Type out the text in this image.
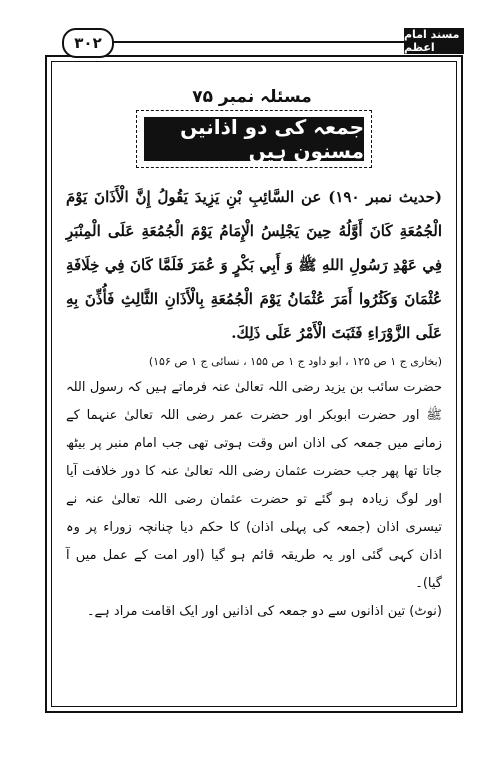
۳۰۲	مسند امام اعظم
مسئلہ نمبر ۷۵
جمعہ کی دو اذانیں مسنون ہیں

(حدیث نمبر ۱۹۰) عن السَّائِبِ بْنِ يَزِيدَ يَقُولُ إِنَّ الْأَذَانَ يَوْمَ الْجُمُعَةِ كَانَ أَوَّلُهُ حِينَ يَجْلِسُ الْإِمَامُ يَوْمَ الْجُمُعَةِ عَلَى الْمِنْبَرِ فِي عَهْدِ رَسُولِ اللهِ ﷺ وَ أَبِي بَكْرٍ وَ عُمَرَ فَلَمَّا كَانَ فِي خِلَافَةِ عُثْمَانَ وَكَثُرُوا أَمَرَ عُثْمَانُ يَوْمَ الْجُمُعَةِ بِالْأَذَانِ الثَّالِثِ فَأُذِّنَ بِهِ عَلَى الزَّوْرَاءِ فَثَبَتَ الْأَمْرُ عَلَى ذَلِكَ.

(بخاری ج ۱ ص ۱۲۵ ، ابو داود ج ۱ ص ۱۵۵ ، نسائی ج ۱ ص ۱۵۶)

حضرت سائب بن یزید رضی اللہ تعالیٰ عنہ فرماتے ہیں کہ رسول اللہ ﷺ اور حضرت ابوبکر اور حضرت عمر رضی اللہ تعالیٰ عنہما کے زمانے میں جمعہ کی اذان اس وقت ہوتی تھی جب امام منبر پر بیٹھ جاتا تھا پھر جب حضرت عثمان رضی اللہ تعالیٰ عنہ کا دور خلافت آیا اور لوگ زیادہ ہو گئے تو حضرت عثمان رضی اللہ تعالیٰ عنہ نے تیسری اذان (جمعہ کی پہلی اذان) کا حکم دیا چنانچہ زوراء پر وہ اذان کہی گئی اور یہ طریقہ قائم ہو گیا (اور امت کے عمل میں آ گیا)۔

(نوٹ) تین اذانوں سے دو جمعہ کی اذانیں اور ایک اقامت مراد ہے۔
